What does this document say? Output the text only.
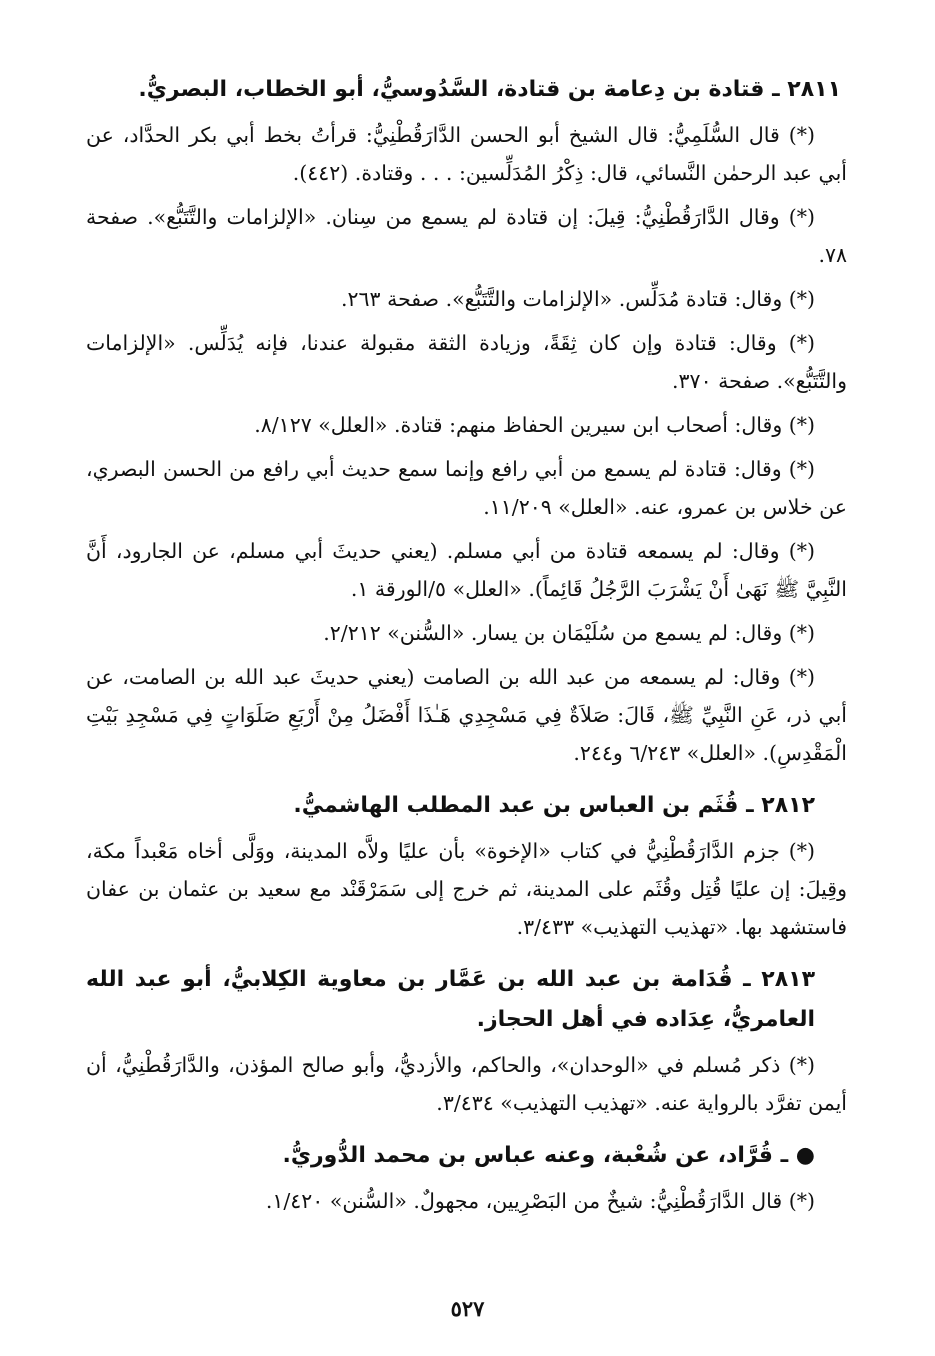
٢٨١١ ـ قتادة بن دِعامة بن قتادة، السَّدُوسيُّ، أبو الخطاب، البصريُّ.

(*) قال السُّلَمِيُّ: قال الشيخ أبو الحسن الدَّارَقُطْنِيُّ: قرأتُ بخط أبي بكر الحدَّاد، عن أبي عبد الرحمٰن النَّسائي، قال: ذِكْرُ المُدَلِّسين: . . . وقتادة. (٤٤٢).

(*) وقال الدَّارَقُطْنِيُّ: قِيلَ: إن قتادة لم يسمع من سِنان. «الإلزامات والتَّتَبُّع». صفحة ٧٨.

(*) وقال: قتادة مُدَلِّس. «الإلزامات والتَّتَبُّع». صفحة ٢٦٣.

(*) وقال: قتادة وإن كان ثِقَةً، وزيادة الثقة مقبولة عندنا، فإنه يُدَلِّس. «الإلزامات والتَّتَبُّع». صفحة ٣٧٠.

(*) وقال: أصحاب ابن سيرين الحفاظ منهم: قتادة. «العلل» ٨/١٢٧.

(*) وقال: قتادة لم يسمع من أبي رافع وإنما سمع حديث أبي رافع من الحسن البصري، عن خلاس بن عمرو، عنه. «العلل» ١١/٢٠٩.

(*) وقال: لم يسمعه قتادة من أبي مسلم. (يعني حديثَ أبي مسلم، عن الجارود، أَنَّ النَّبِيَّ ﷺ نَهَىٰ أَنْ يَشْرَبَ الرَّجُلُ قَائِماً). «العلل» ٥/الورقة ١.

(*) وقال: لم يسمع من سُلَيْمَان بن يسار. «السُّنن» ٢/٢١٢.

(*) وقال: لم يسمعه من عبد الله بن الصامت (يعني حديثَ عبد الله بن الصامت، عن أبي ذر، عَنِ النَّبِيِّ ﷺ، قَالَ: صَلاَةٌ فِي مَسْجِدِي هَـٰذَا أَفْضَلُ مِنْ أَرْبَعِ صَلَوَاتٍ فِي مَسْجِدِ بَيْتِ الْمَقْدِسِ). «العلل» ٦/٢٤٣ و٢٤٤.

٢٨١٢ ـ قُثَم بن العباس بن عبد المطلب الهاشميُّ.

(*) جزم الدَّارَقُطْنِيُّ في كتاب «الإخوة» بأن عليًا ولاَّه المدينة، ووَلَّى أخاه مَعْبداً مكة، وقِيلَ: إن عليًا قُتِل وقُثَم على المدينة، ثم خرج إلى سَمَرْقَنْد مع سعيد بن عثمان بن عفان فاستشهد بها. «تهذيب التهذيب» ٣/٤٣٣.

٢٨١٣ ـ قُدَامة بن عبد الله بن عَمَّار بن معاوية الكِلابيُّ، أبو عبد الله العامريُّ، عِدَاده في أهل الحجاز.

(*) ذكر مُسلم في «الوحدان»، والحاكم، والأزديُّ، وأبو صالح المؤذن، والدَّارَقُطْنِيُّ، أن أيمن تفرَّد بالرواية عنه. «تهذيب التهذيب» ٣/٤٣٤.

● ـ قُرَّاد، عن شُعْبة، وعنه عباس بن محمد الدُّوريُّ.

(*) قال الدَّارَقُطْنِيُّ: شيخٌ من البَصْرِيين، مجهولٌ. «السُّنن» ١/٤٢٠.

٥٢٧
